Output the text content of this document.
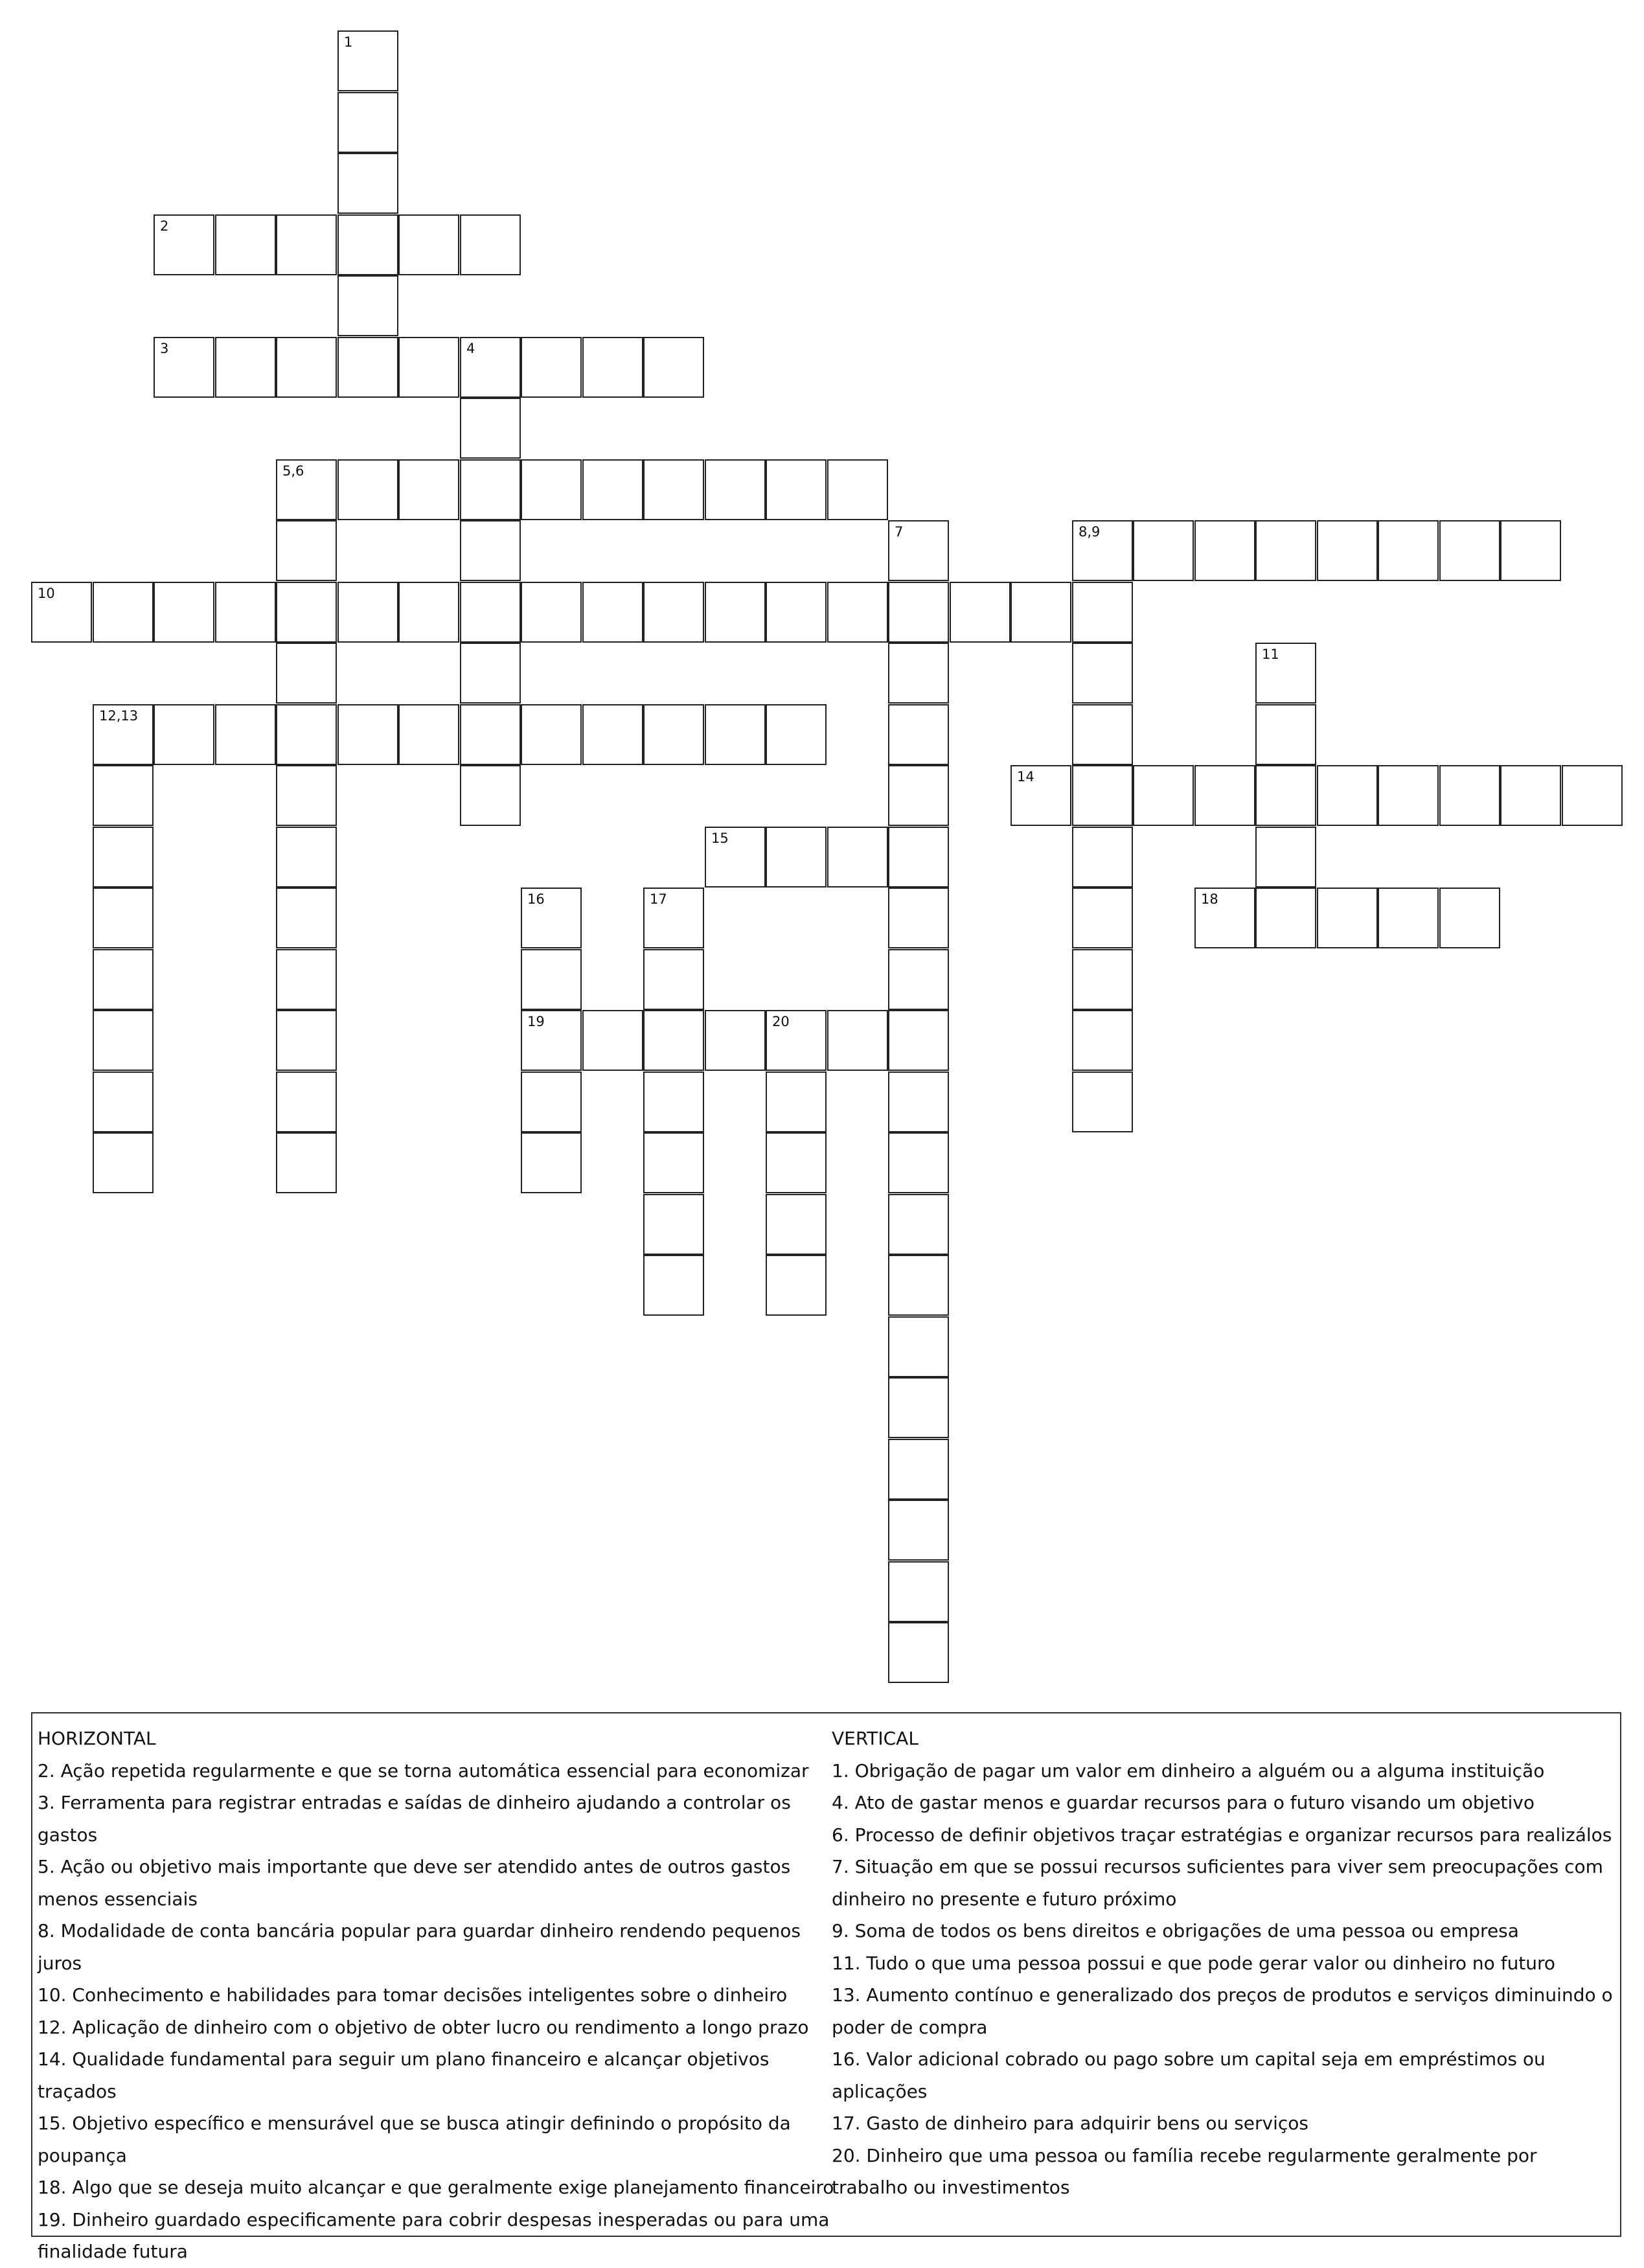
1
2
3	4
5,6
7	8,9
10
11
12,13
14
15
16
19
17	18
20
HORIZONTAL
2. Ação repetida regularmente e que se torna automática essencial para economizar
3. Ferramenta para registrar entradas e saídas de dinheiro ajudando a controlar os gastos
5. Ação ou objetivo mais importante que deve ser atendido antes de outros gastos menos essenciais
8. Modalidade de conta bancária popular para guardar dinheiro rendendo pequenos juros
10. Conhecimento e habilidades para tomar decisões inteligentes sobre o dinheiro
12. Aplicação de dinheiro com o objetivo de obter lucro ou rendimento a longo prazo
14. Qualidade fundamental para seguir um plano financeiro e alcançar objetivos traçados
15. Objetivo específico e mensurável que se busca atingir definindo o propósito da poupança
18. Algo que se deseja muito alcançar e que geralmente exige planejamento financeiro
19. Dinheiro guardado especificamente para cobrir despesas inesperadas ou para uma finalidade futura
VERTICAL
1. Obrigação de pagar um valor em dinheiro a alguém ou a alguma instituição
4. Ato de gastar menos e guardar recursos para o futuro visando um objetivo
6. Processo de definir objetivos traçar estratégias e organizar recursos para realizálos
7. Situação em que se possui recursos suficientes para viver sem preocupações com dinheiro no presente e futuro próximo
9. Soma de todos os bens direitos e obrigações de uma pessoa ou empresa
11. Tudo o que uma pessoa possui e que pode gerar valor ou dinheiro no futuro
13. Aumento contínuo e generalizado dos preços de produtos e serviços diminuindo o poder de compra
16. Valor adicional cobrado ou pago sobre um capital seja em empréstimos ou aplicações
17. Gasto de dinheiro para adquirir bens ou serviços
20. Dinheiro que uma pessoa ou família recebe regularmente geralmente por trabalho ou investimentos
